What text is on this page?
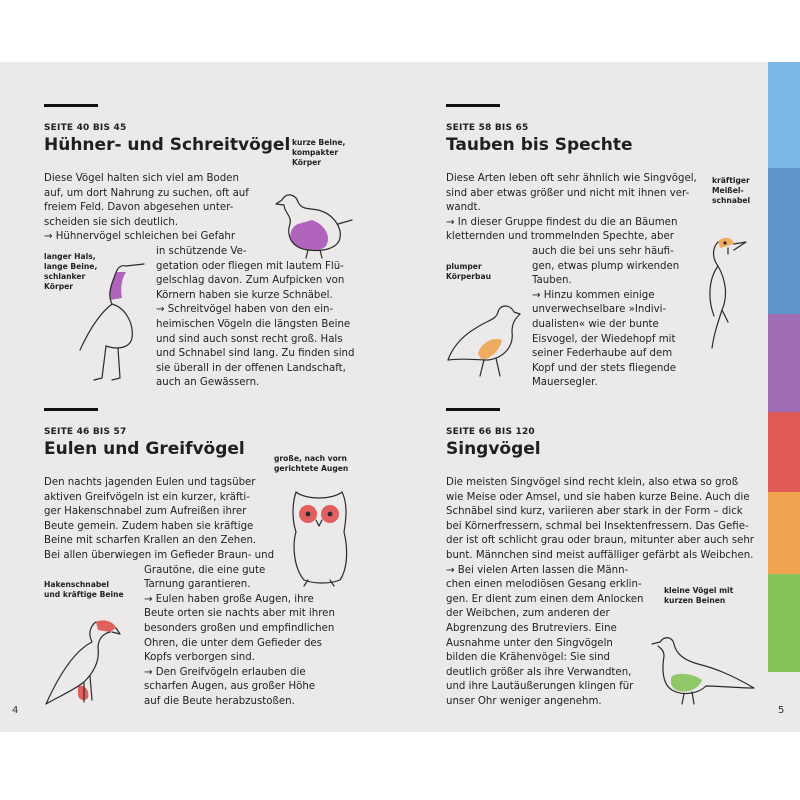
4	5
SEITE 40 BIS 45
Hühner- und Schreitvögel
Diese Vögel halten sich viel am Boden
auf, um dort Nahrung zu suchen, oft auf
freiem Feld. Davon abgesehen unter-
scheiden sie sich deutlich.
→ Hühnervögel schleichen bei Gefahr
in schützende Ve-
getation oder fliegen mit lautem Flü-
gelschlag davon. Zum Aufpicken von
Körnern haben sie kurze Schnäbel.
→ Schreitvögel haben von den ein-
heimischen Vögeln die längsten Beine
und sind auch sonst recht groß. Hals
und Schnabel sind lang. Zu finden sind
sie überall in der offenen Landschaft,
auch an Gewässern.
kurze Beine,
kompakter
Körper
langer Hals,
lange Beine,
schlanker
Körper
SEITE 58 BIS 65
Tauben bis Spechte
Diese Arten leben oft sehr ähnlich wie Singvögel,
sind aber etwas größer und nicht mit ihnen ver-
wandt.
→ In dieser Gruppe findest du die an Bäumen
kletternden und trommelnden Spechte, aber
auch die bei uns sehr häufi-
gen, etwas plump wirkenden
Tauben.
→ Hinzu kommen einige
unverwechselbare »Indivi-
dualisten« wie der bunte
Eisvogel, der Wiedehopf mit
seiner Federhaube auf dem
Kopf und der stets fliegende
Mauersegler.
kräftiger
Meißel-
schnabel
plumper
Körperbau
SEITE 46 BIS 57
Eulen und Greifvögel
Den nachts jagenden Eulen und tagsüber
aktiven Greifvögeln ist ein kurzer, kräfti-
ger Hakenschnabel zum Aufreißen ihrer
Beute gemein. Zudem haben sie kräftige
Beine mit scharfen Krallen an den Zehen.
Bei allen überwiegen im Gefieder Braun- und
Grautöne, die eine gute
Tarnung garantieren.
→ Eulen haben große Augen, ihre
Beute orten sie nachts aber mit ihren
besonders großen und empfindlichen
Ohren, die unter dem Gefieder des
Kopfs verborgen sind.
→ Den Greifvögeln erlauben die
scharfen Augen, aus großer Höhe
auf die Beute herabzustoßen.
große, nach vorn
gerichtete Augen
Hakenschnabel
und kräftige Beine
SEITE 66 BIS 120
Singvögel
Die meisten Singvögel sind recht klein, also etwa so groß
wie Meise oder Amsel, und sie haben kurze Beine. Auch die
Schnäbel sind kurz, variieren aber stark in der Form – dick
bei Körnerfressern, schmal bei Insektenfressern. Das Gefie-
der ist oft schlicht grau oder braun, mitunter aber auch sehr
bunt. Männchen sind meist auffälliger gefärbt als Weibchen.
→ Bei vielen Arten lassen die Männ-
chen einen melodiösen Gesang erklin-
gen. Er dient zum einen dem Anlocken
der Weibchen, zum anderen der
Abgrenzung des Brutreviers. Eine
Ausnahme unter den Singvögeln
bilden die Krähenvögel: Sie sind
deutlich größer als ihre Verwandten,
und ihre Lautäußerungen klingen für
unser Ohr weniger angenehm.
kleine Vögel mit
kurzen Beinen
